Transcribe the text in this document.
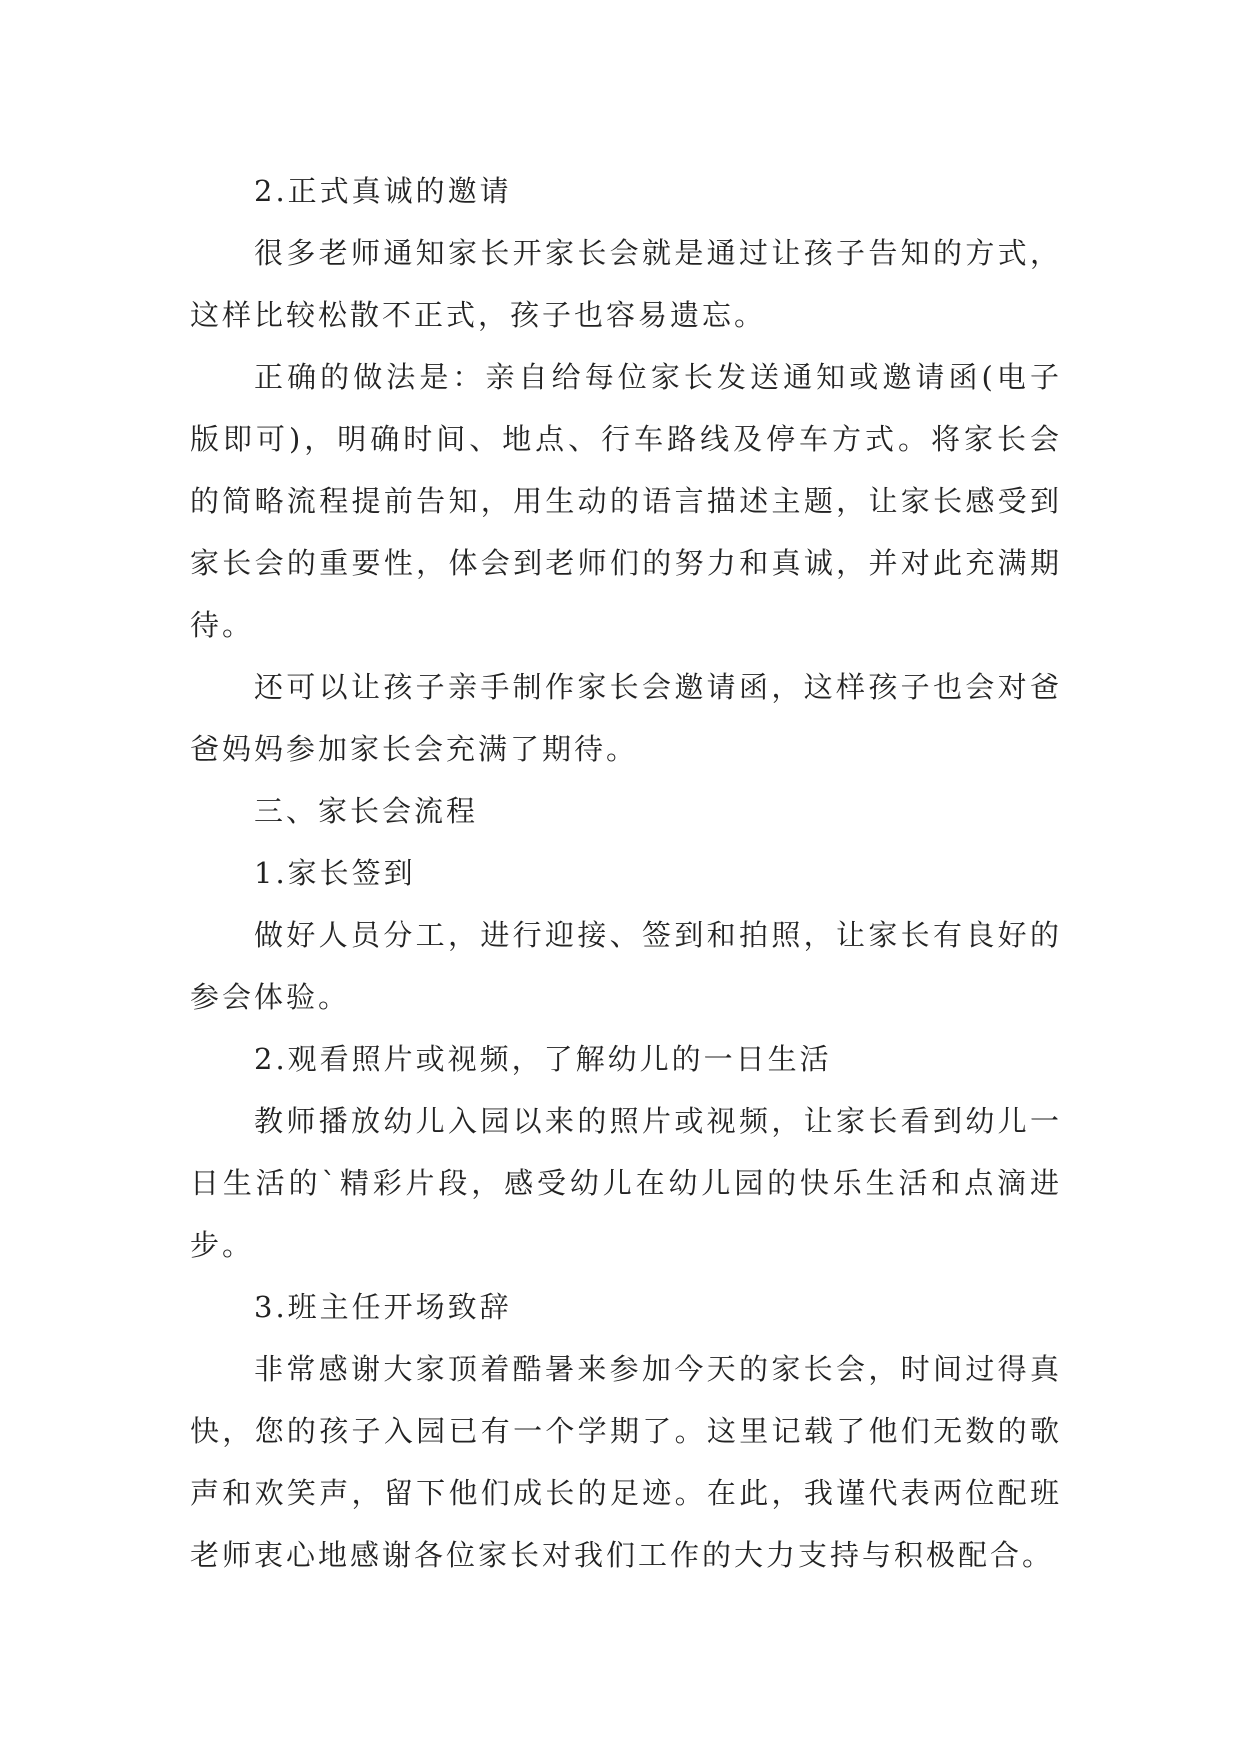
2.正式真诚的邀请

很多老师通知家长开家长会就是通过让孩子告知的方式，这样比较松散不正式，孩子也容易遗忘。

正确的做法是：亲自给每位家长发送通知或邀请函(电子版即可)，明确时间、地点、行车路线及停车方式。将家长会的简略流程提前告知，用生动的语言描述主题，让家长感受到家长会的重要性，体会到老师们的努力和真诚，并对此充满期待。

还可以让孩子亲手制作家长会邀请函，这样孩子也会对爸爸妈妈参加家长会充满了期待。

三、家长会流程

1.家长签到

做好人员分工，进行迎接、签到和拍照，让家长有良好的参会体验。

2.观看照片或视频，了解幼儿的一日生活

教师播放幼儿入园以来的照片或视频，让家长看到幼儿一日生活的`精彩片段，感受幼儿在幼儿园的快乐生活和点滴进步。

3.班主任开场致辞

非常感谢大家顶着酷暑来参加今天的家长会，时间过得真快，您的孩子入园已有一个学期了。这里记载了他们无数的歌声和欢笑声，留下他们成长的足迹。在此，我谨代表两位配班老师衷心地感谢各位家长对我们工作的大力支持与积极配合。
